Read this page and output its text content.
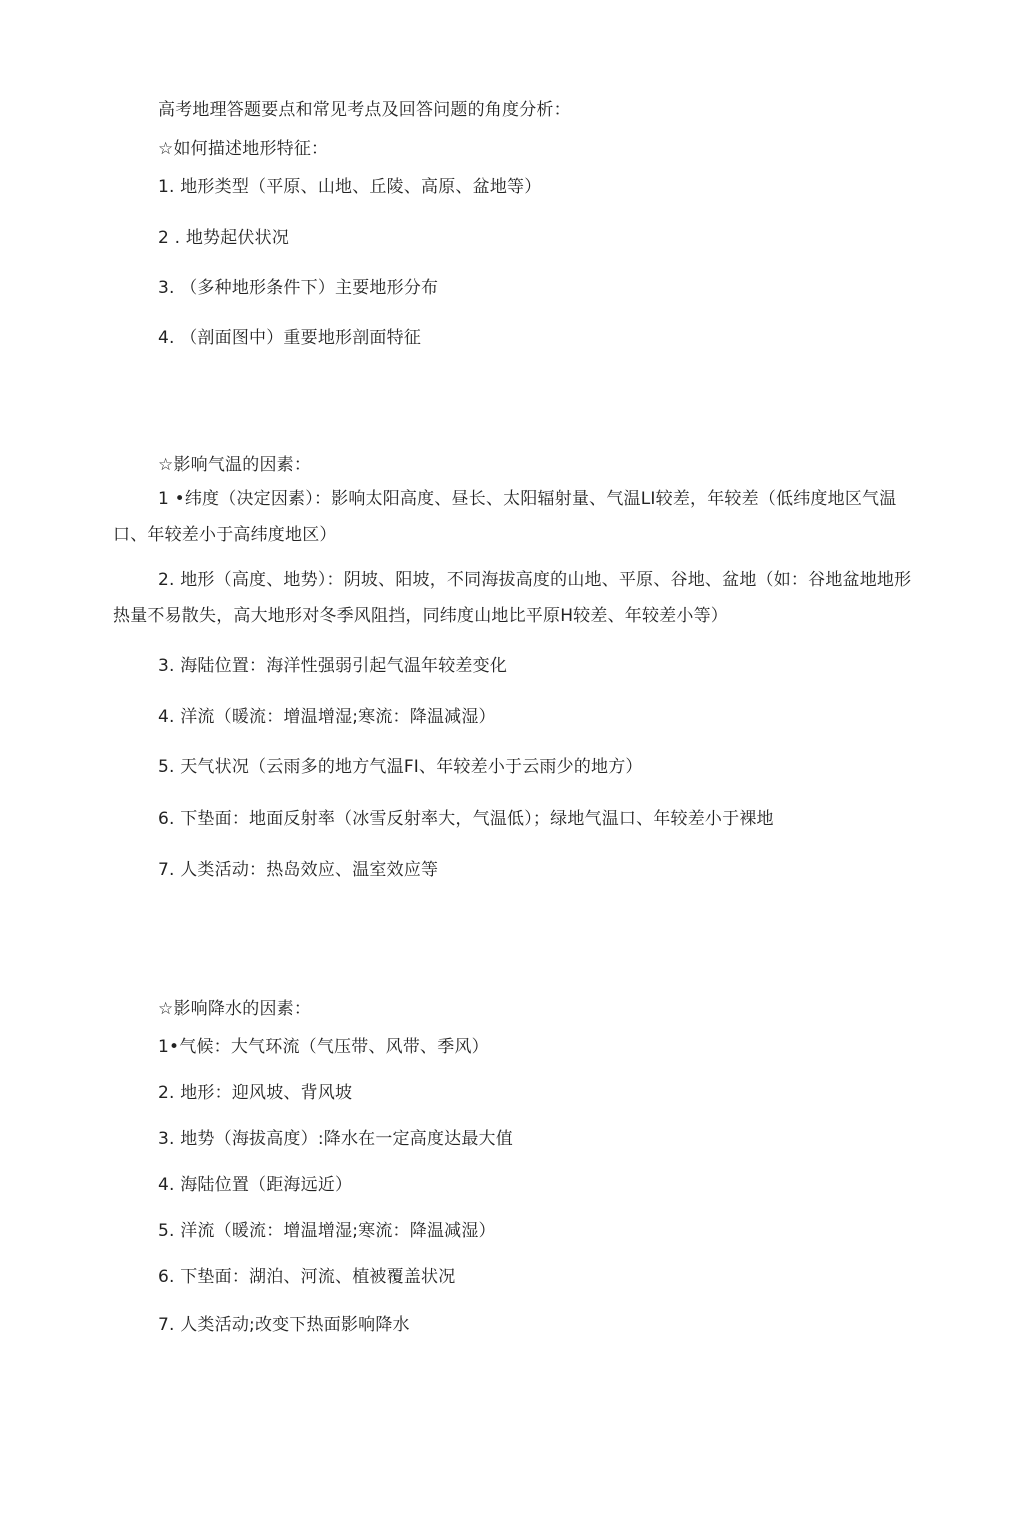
高考地理答题要点和常见考点及回答问题的角度分析：
☆如何描述地形特征：
1. 地形类型（平原、山地、丘陵、高原、盆地等）
2 . 地势起伏状况
3. （多种地形条件下）主要地形分布
4. （剖面图中）重要地形剖面特征
☆影响气温的因素：
1 •纬度（决定因素）：影响太阳高度、昼长、太阳辐射量、气温LI较差，年较差（低纬度地区气温口、年较差小于高纬度地区）
2. 地形（高度、地势）：阴坡、阳坡，不同海拔高度的山地、平原、谷地、盆地（如：谷地盆地地形热量不易散失，高大地形对冬季风阻挡，同纬度山地比平原H较差、年较差小等）
3. 海陆位置：海洋性强弱引起气温年较差变化
4. 洋流（暖流：增温增湿;寒流：降温减湿）
5. 天气状况（云雨多的地方气温FI、年较差小于云雨少的地方）
6. 下垫面：地面反射率（冰雪反射率大，气温低）；绿地气温口、年较差小于裸地
7. 人类活动：热岛效应、温室效应等
☆影响降水的因素：
1•气候：大气环流（气压带、风带、季风）
2. 地形：迎风坡、背风坡
3. 地势（海拔高度）:降水在一定高度达最大值
4. 海陆位置（距海远近）
5. 洋流（暖流：增温增湿;寒流：降温减湿）
6. 下垫面：湖泊、河流、植被覆盖状况
7. 人类活动;改变下热面影响降水
